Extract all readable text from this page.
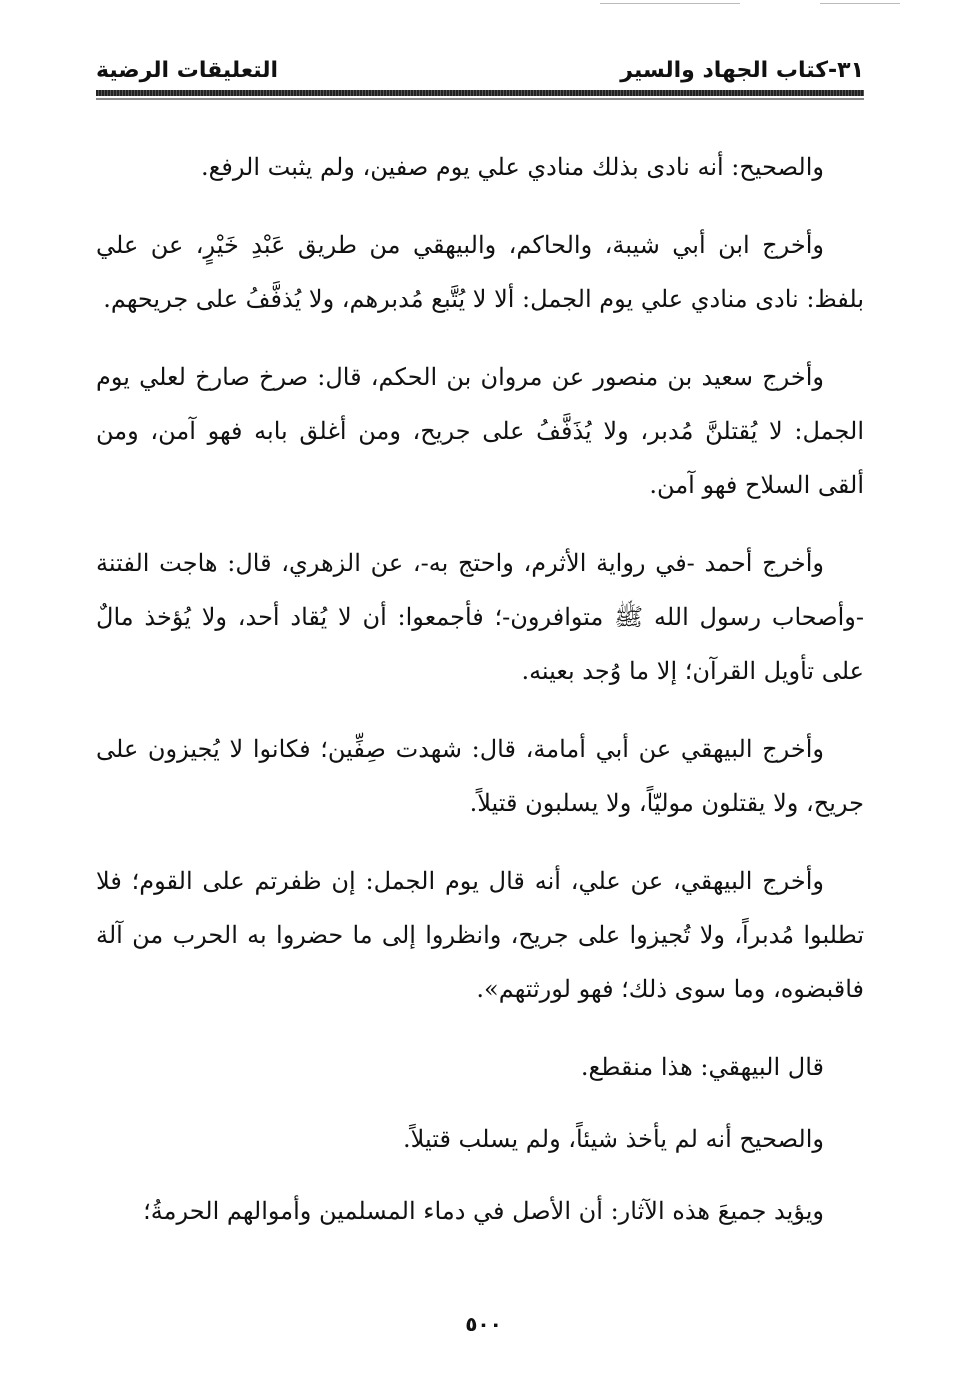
٣١-كتاب الجهاد والسير
التعليقات الرضية

والصحيح: أنه نادى بذلك منادي علي يوم صفين، ولم يثبت الرفع.

وأخرج ابن أبي شيبة، والحاكم، والبيهقي من طريق عَبْدِ خَيْرٍ، عن علي بلفظ: نادى منادي علي يوم الجمل: ألا لا يُتَّبع مُدبرهم، ولا يُذفَّفُ على جريحهم.

وأخرج سعيد بن منصور عن مروان بن الحكم، قال: صرخ صارخ لعلي يوم الجمل: لا يُقتلنَّ مُدبر، ولا يُذَفَّفُ على جريح، ومن أغلق بابه فهو آمن، ومن ألقى السلاح فهو آمن.

وأخرج أحمد -في رواية الأثرم، واحتج به-، عن الزهري، قال: هاجت الفتنة -وأصحاب رسول الله ﷺ متوافرون-؛ فأجمعوا: أن لا يُقاد أحد، ولا يُؤخذ مالٌ على تأويل القرآن؛ إلا ما وُجد بعينه.

وأخرج البيهقي عن أبي أمامة، قال: شهدت صِفِّين؛ فكانوا لا يُجيزون على جريح، ولا يقتلون موليّاً، ولا يسلبون قتيلاً.

وأخرج البيهقي، عن علي، أنه قال يوم الجمل: إن ظفرتم على القوم؛ فلا تطلبوا مُدبراً، ولا تُجيزوا على جريح، وانظروا إلى ما حضروا به الحرب من آلة فاقبضوه، وما سوى ذلك؛ فهو لورثتهم».

قال البيهقي: هذا منقطع.

والصحيح أنه لم يأخذ شيئاً، ولم يسلب قتيلاً.

ويؤيد جميعَ هذه الآثار: أن الأصل في دماء المسلمين وأموالهم الحرمةُ؛

٥٠٠
